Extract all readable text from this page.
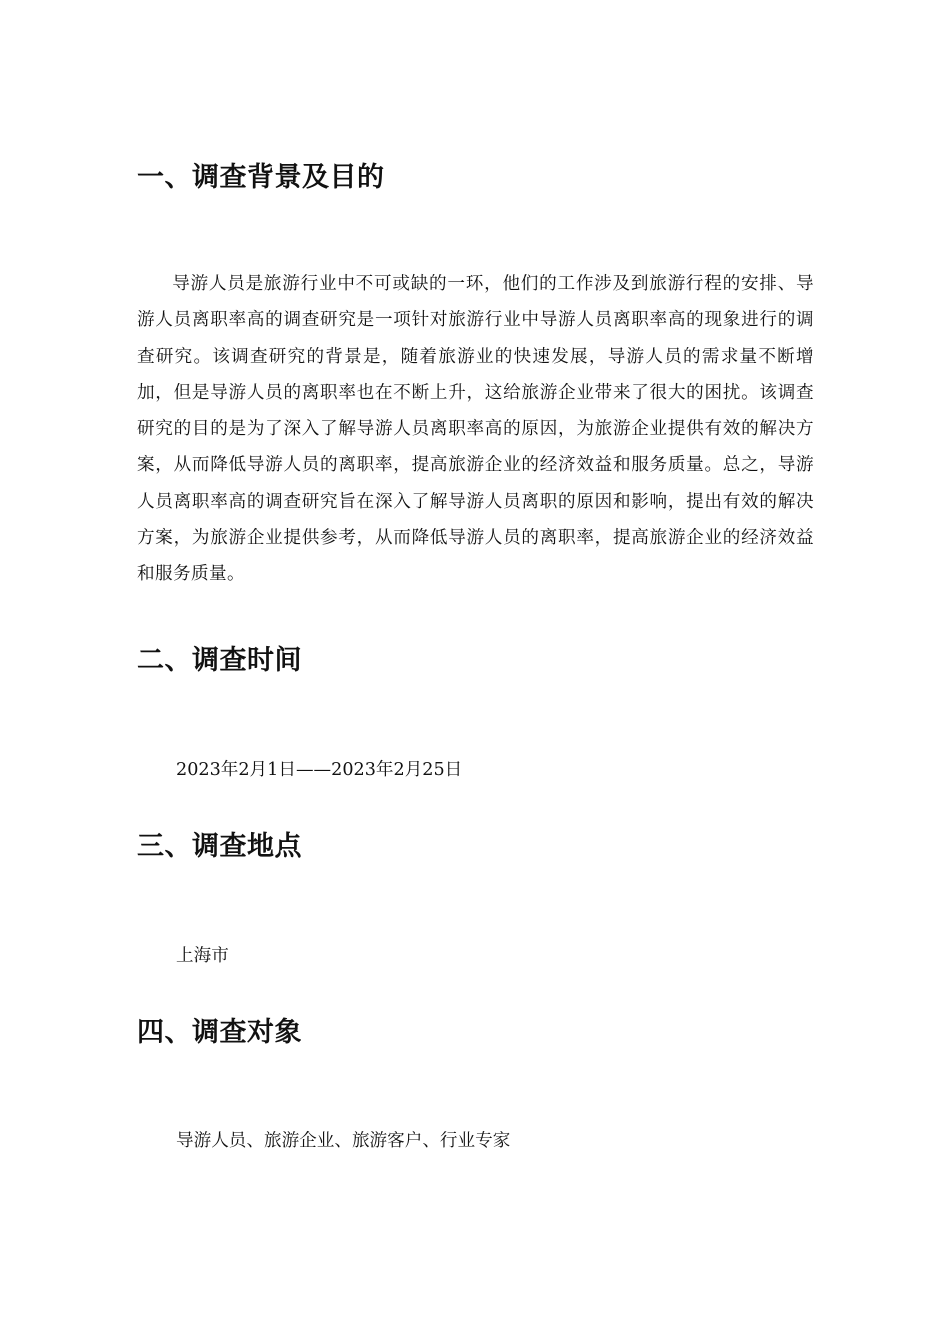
一、调查背景及目的

导游人员是旅游行业中不可或缺的一环，他们的工作涉及到旅游行程的安排、导游人员离职率高的调查研究是一项针对旅游行业中导游人员离职率高的现象进行的调查研究。该调查研究的背景是，随着旅游业的快速发展，导游人员的需求量不断增加，但是导游人员的离职率也在不断上升，这给旅游企业带来了很大的困扰。该调查研究的目的是为了深入了解导游人员离职率高的原因，为旅游企业提供有效的解决方案，从而降低导游人员的离职率，提高旅游企业的经济效益和服务质量。总之，导游人员离职率高的调查研究旨在深入了解导游人员离职的原因和影响，提出有效的解决方案，为旅游企业提供参考，从而降低导游人员的离职率，提高旅游企业的经济效益和服务质量。

二、调查时间

2023年2月1日——2023年2月25日

三、调查地点

上海市

四、调查对象

导游人员、旅游企业、旅游客户、行业专家
